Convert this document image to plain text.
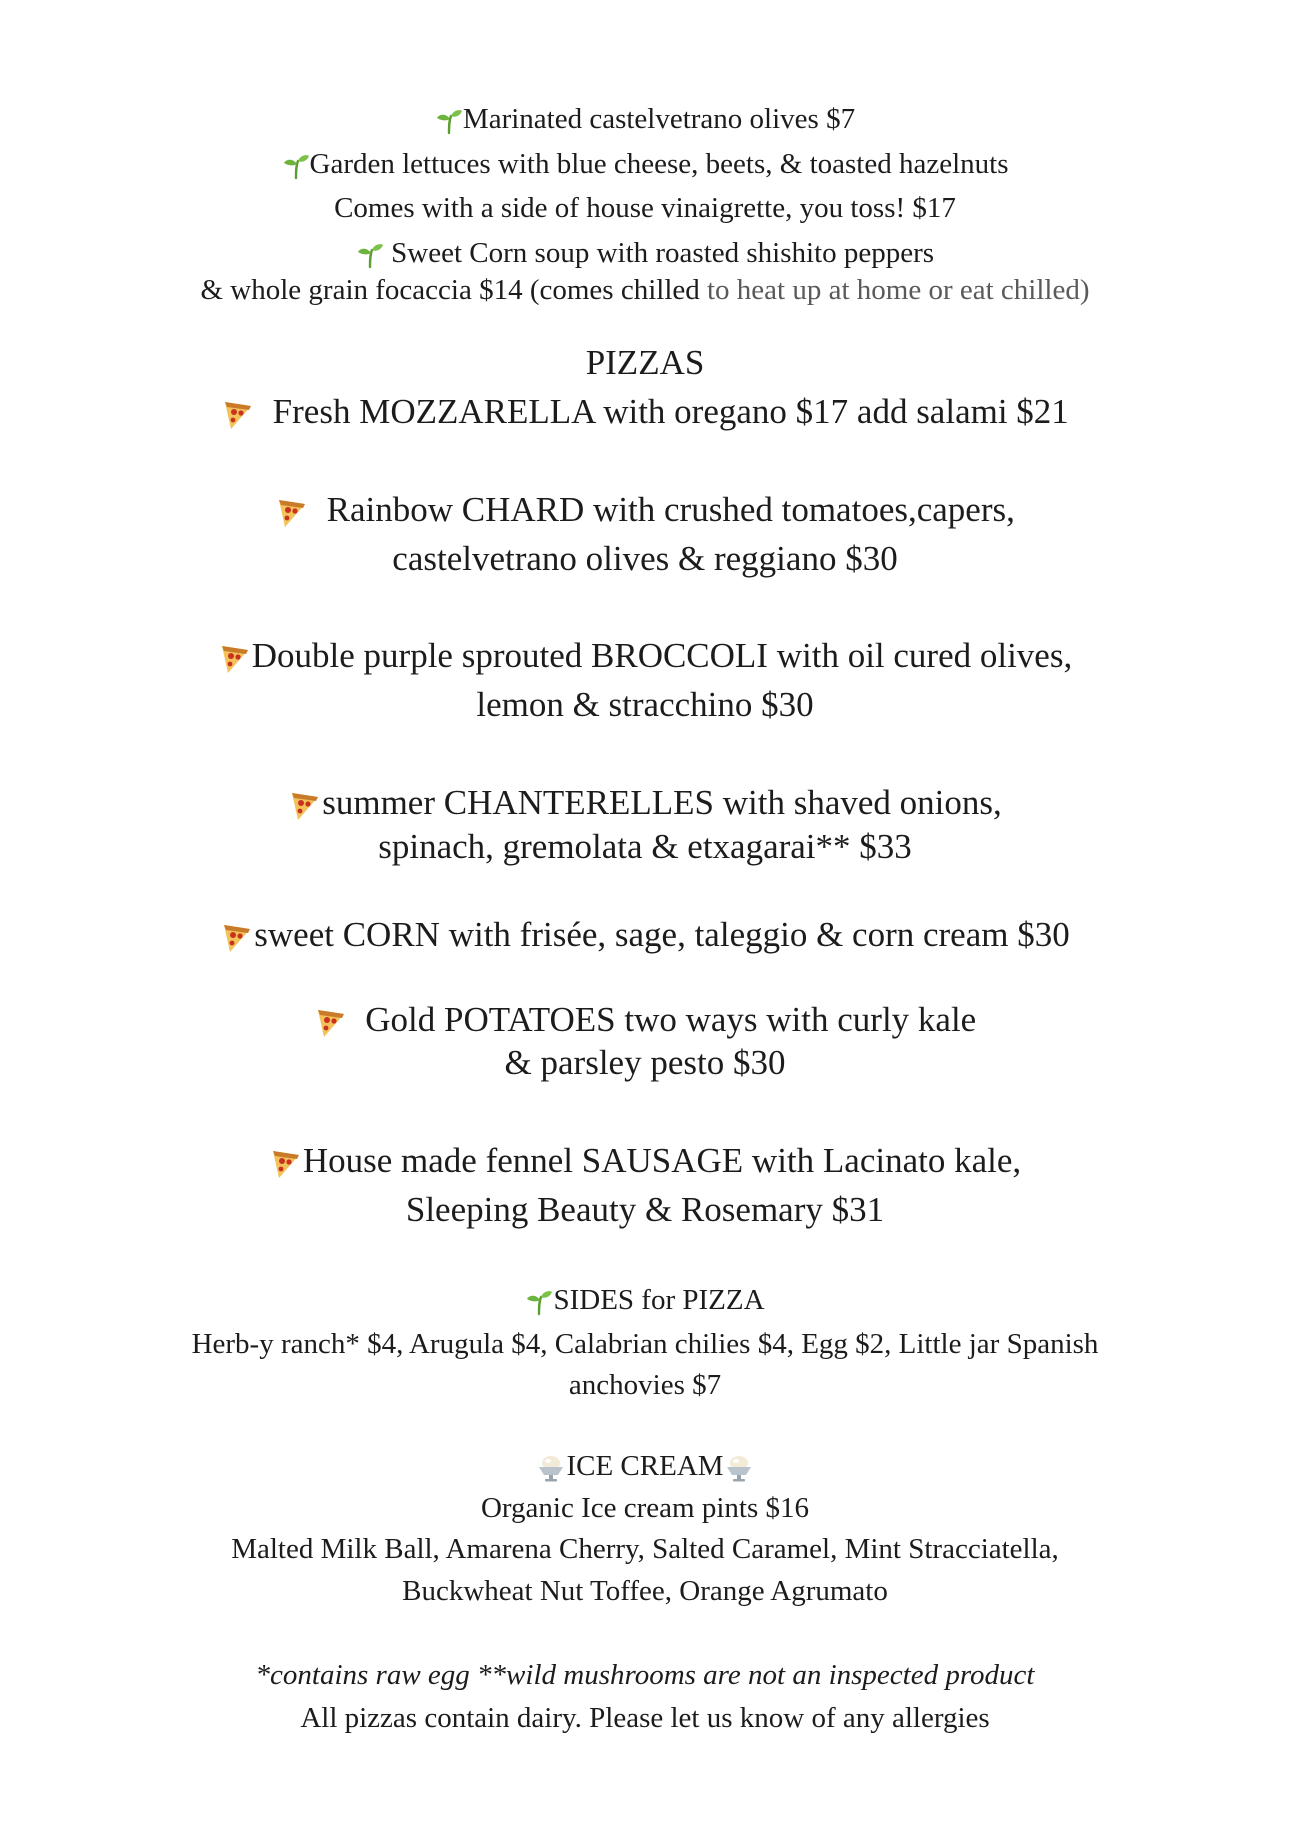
Marinated castelvetrano olives $7
Garden lettuces with blue cheese, beets, & toasted hazelnuts
Comes with a side of house vinaigrette, you toss! $17
Sweet Corn soup with roasted shishito peppers
& whole grain focaccia $14 (comes chilled to heat up at home or eat chilled)
PIZZAS
Fresh MOZZARELLA with oregano $17 add salami $21
Rainbow CHARD with crushed tomatoes,capers,
castelvetrano olives & reggiano $30
Double purple sprouted BROCCOLI with oil cured olives,
lemon & stracchino $30
summer CHANTERELLES with shaved onions,
spinach, gremolata & etxagarai** $33
sweet CORN with frisée, sage, taleggio & corn cream $30
Gold POTATOES two ways with curly kale
& parsley pesto $30
House made fennel SAUSAGE with Lacinato kale,
Sleeping Beauty & Rosemary $31
SIDES for PIZZA
Herb-y ranch* $4, Arugula $4, Calabrian chilies $4, Egg $2, Little jar Spanish
anchovies $7
ICE CREAM
Organic Ice cream pints $16
Malted Milk Ball, Amarena Cherry, Salted Caramel, Mint Stracciatella,
Buckwheat Nut Toffee, Orange Agrumato
*contains raw egg **wild mushrooms are not an inspected product
All pizzas contain dairy. Please let us know of any allergies
